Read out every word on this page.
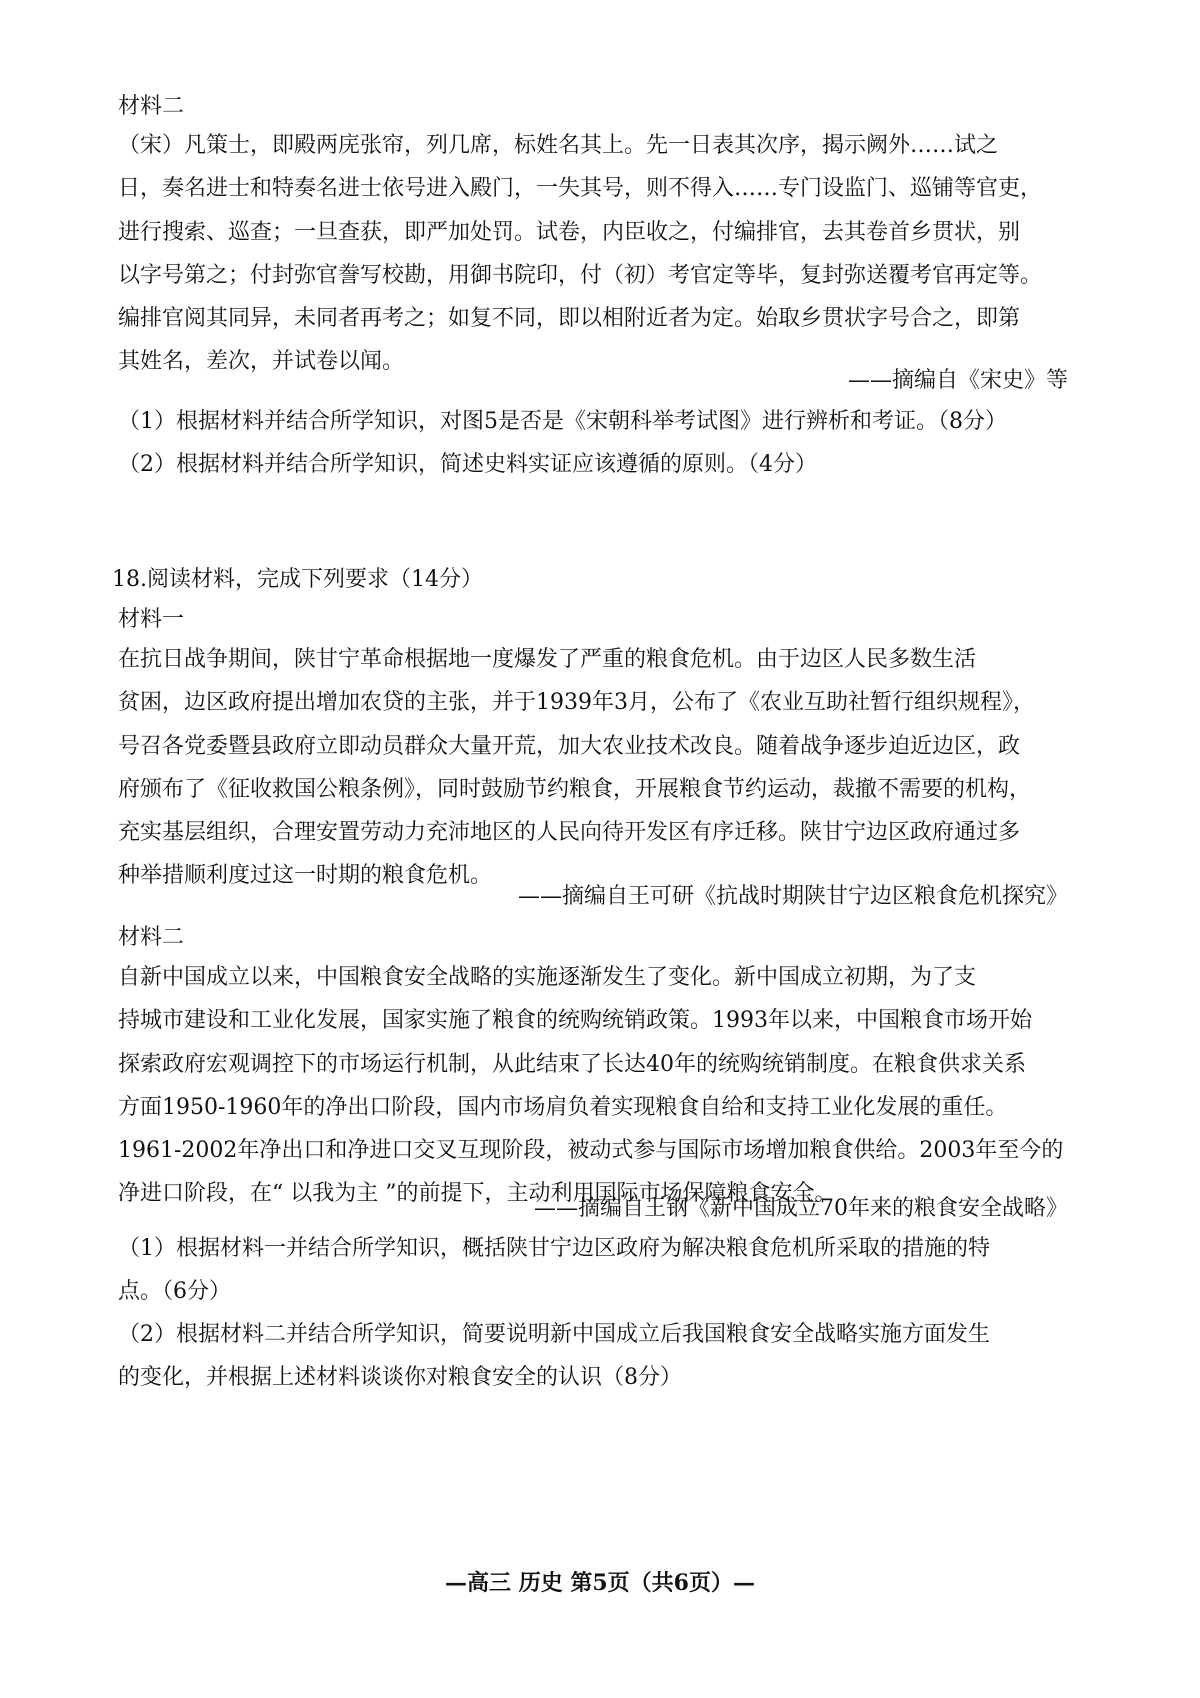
材料二
（宋）凡策士，即殿两庑张帘，列几席，标姓名其上。先一日表其次序，揭示阙外……试之
日，奏名进士和特奏名进士依号进入殿门，一失其号，则不得入……专门设监门、巡铺等官吏，
进行搜索、巡查；一旦查获，即严加处罚。试卷，内臣收之，付编排官，去其卷首乡贯状，别
以字号第之；付封弥官誊写校勘，用御书院印，付（初）考官定等毕，复封弥送覆考官再定等。
编排官阅其同异，未同者再考之；如复不同，即以相附近者为定。始取乡贯状字号合之，即第
其姓名，差次，并试卷以闻。
——摘编自《宋史》等
（1）根据材料并结合所学知识，对图5是否是《宋朝科举考试图》进行辨析和考证。（8分）
（2）根据材料并结合所学知识，简述史料实证应该遵循的原则。（4分）
18.阅读材料，完成下列要求（14分）
材料一
在抗日战争期间，陕甘宁革命根据地一度爆发了严重的粮食危机。由于边区人民多数生活
贫困，边区政府提出增加农贷的主张，并于1939年3月，公布了《农业互助社暂行组织规程》，
号召各党委暨县政府立即动员群众大量开荒，加大农业技术改良。随着战争逐步迫近边区，政
府颁布了《征收救国公粮条例》，同时鼓励节约粮食，开展粮食节约运动，裁撤不需要的机构，
充实基层组织，合理安置劳动力充沛地区的人民向待开发区有序迁移。陕甘宁边区政府通过多
种举措顺利度过这一时期的粮食危机。
——摘编自王可研《抗战时期陕甘宁边区粮食危机探究》
材料二
自新中国成立以来，中国粮食安全战略的实施逐渐发生了变化。新中国成立初期，为了支
持城市建设和工业化发展，国家实施了粮食的统购统销政策。1993年以来，中国粮食市场开始
探索政府宏观调控下的市场运行机制，从此结束了长达40年的统购统销制度。在粮食供求关系
方面1950-1960年的净出口阶段，国内市场肩负着实现粮食自给和支持工业化发展的重任。
1961-2002年净出口和净进口交叉互现阶段，被动式参与国际市场增加粮食供给。2003年至今的
净进口阶段，在“ 以我为主 ”的前提下，主动利用国际市场保障粮食安全。
——摘编自王钢《新中国成立70年来的粮食安全战略》
（1）根据材料一并结合所学知识，概括陕甘宁边区政府为解决粮食危机所采取的措施的特
点。（6分）
（2）根据材料二并结合所学知识，简要说明新中国成立后我国粮食安全战略实施方面发生
的变化，并根据上述材料谈谈你对粮食安全的认识（8分）
—高三 历史 第5页（共6页）—
